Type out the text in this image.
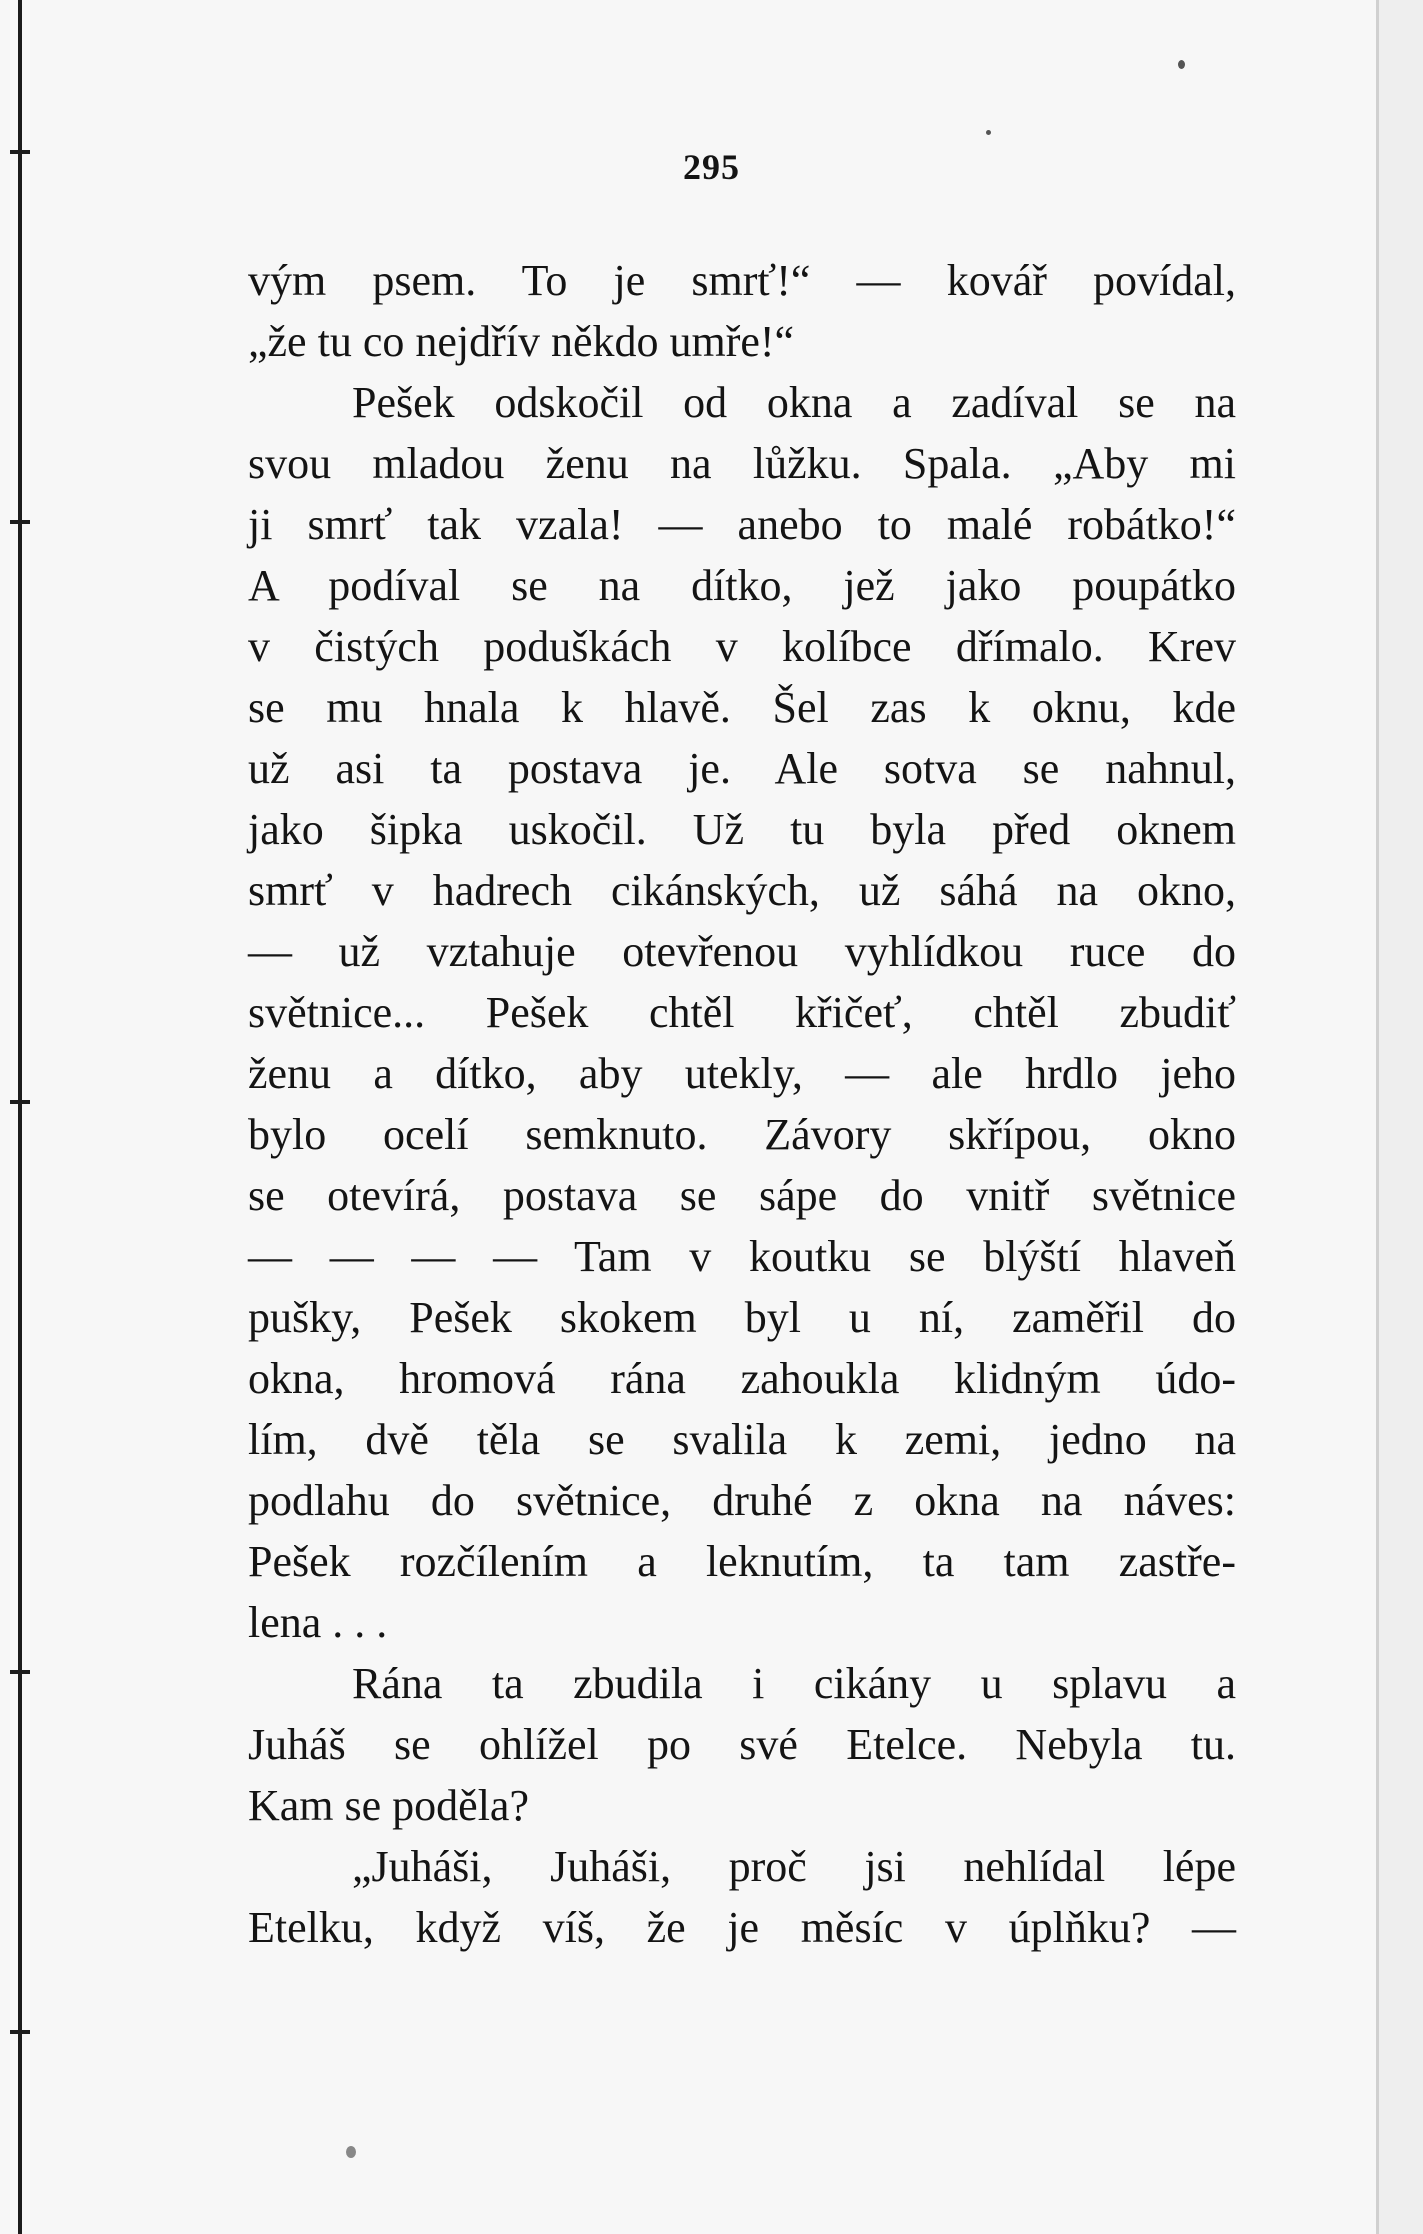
295
vým psem. To je smrť!“ — kovář povídal,
„že tu co nejdřív někdo umře!“
Pešek odskočil od okna a zadíval se na
svou mladou ženu na lůžku. Spala. „Aby mi
ji smrť tak vzala! — anebo to malé robátko!“
A podíval se na dítko, jež jako poupátko
v čistých poduškách v kolíbce dřímalo. Krev
se mu hnala k hlavě. Šel zas k oknu, kde
už asi ta postava je. Ale sotva se nahnul,
jako šipka uskočil. Už tu byla před oknem
smrť v hadrech cikánských, už sáhá na okno,
— už vztahuje otevřenou vyhlídkou ruce do
světnice... Pešek chtěl křičeť, chtěl zbudiť
ženu a dítko, aby utekly, — ale hrdlo jeho
bylo ocelí semknuto. Závory skřípou, okno
se otevírá, postava se sápe do vnitř světnice
— — — — Tam v koutku se blýští hlaveň
pušky, Pešek skokem byl u ní, zaměřil do
okna, hromová rána zahoukla klidným údo-
lím, dvě těla se svalila k zemi, jedno na
podlahu do světnice, druhé z okna na náves:
Pešek rozčílením a leknutím, ta tam zastře-
lena . . .
Rána ta zbudila i cikány u splavu a
Juháš se ohlížel po své Etelce. Nebyla tu.
Kam se poděla?
„Juháši, Juháši, proč jsi nehlídal lépe
Etelku, když víš, že je měsíc v úplňku? —
